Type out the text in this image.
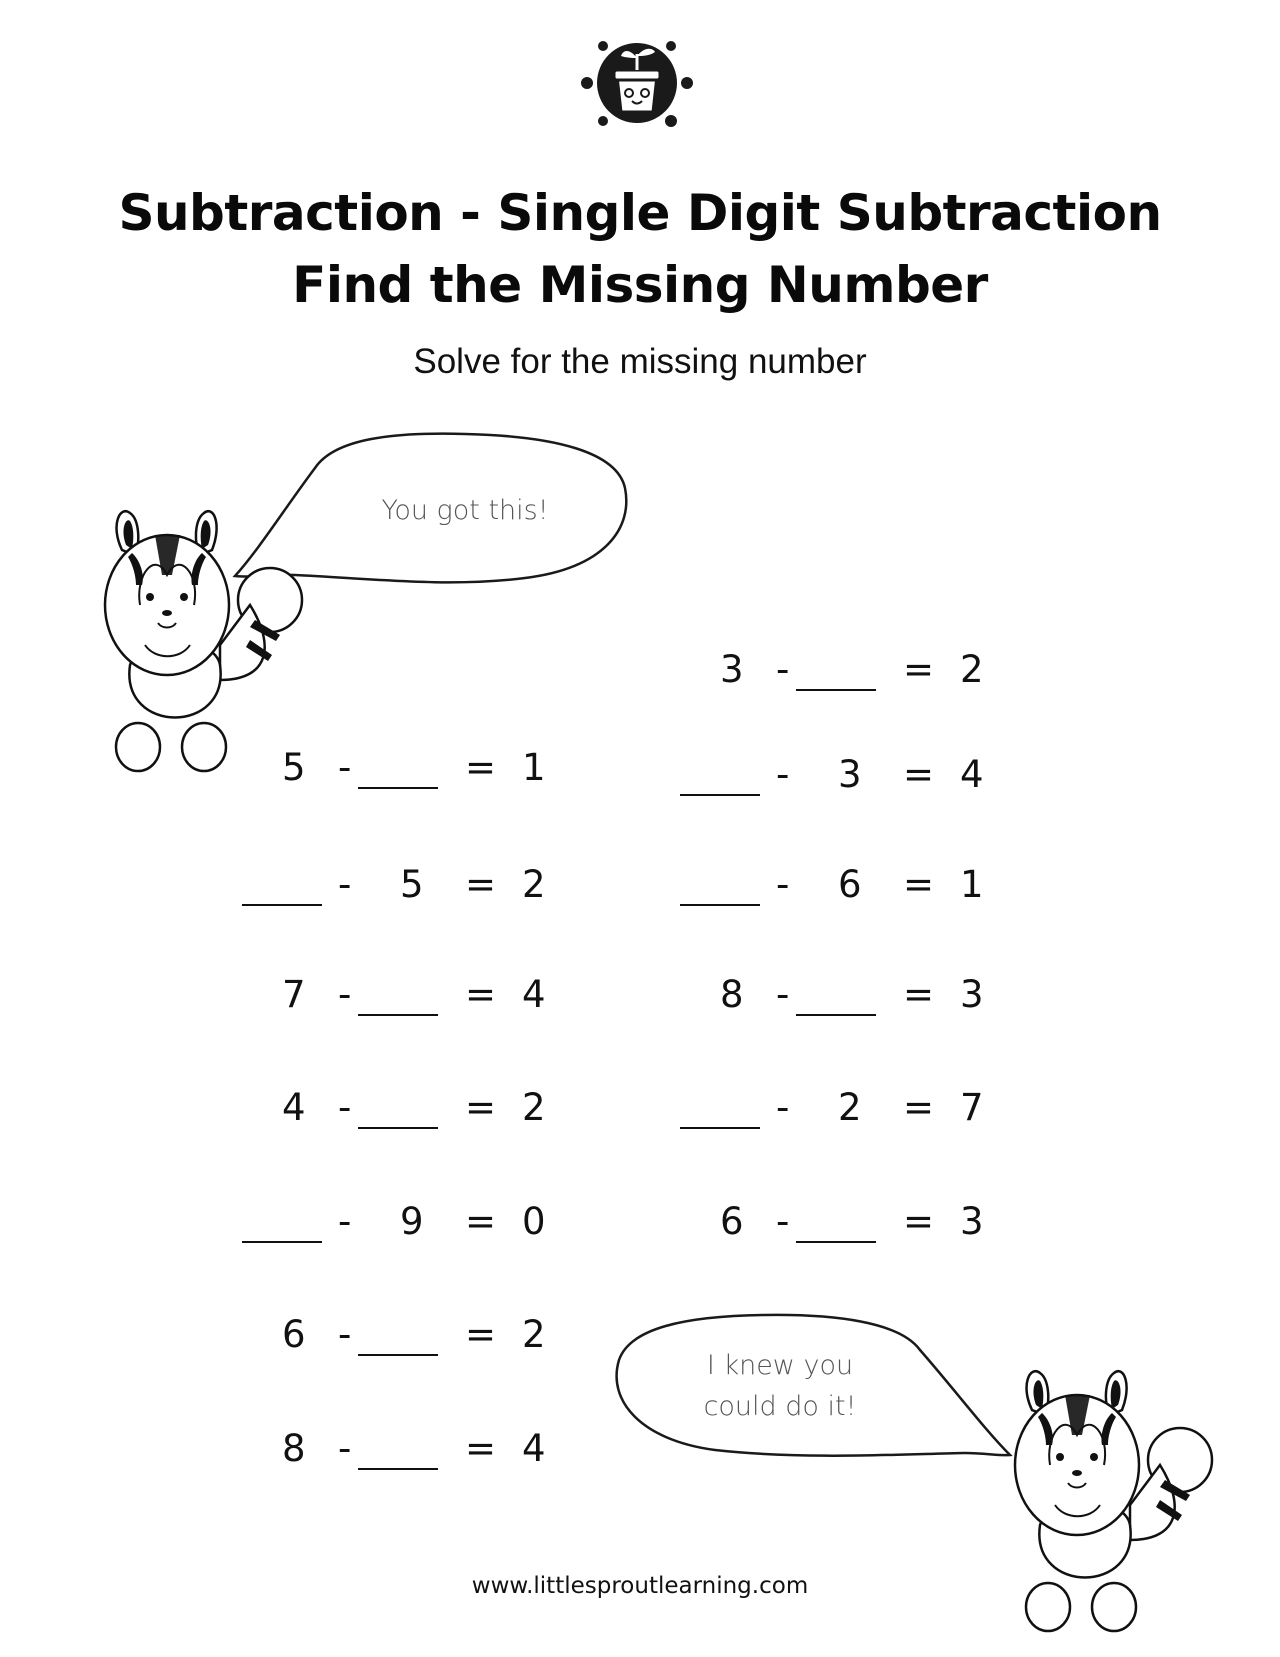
Subtraction - Single Digit Subtraction
Find the Missing Number
Solve for the missing number
You got this!
5 -	= 1
- 5 = 2
7 -	= 4
4 -	= 2
- 9 = 0
6 -	= 2
8 -	= 4
3 -	= 2
- 3 = 4
- 6 = 1
8 -	= 3
- 2 = 7
6 -	= 3
I knew you
could do it!
www.littlesproutlearning.com
